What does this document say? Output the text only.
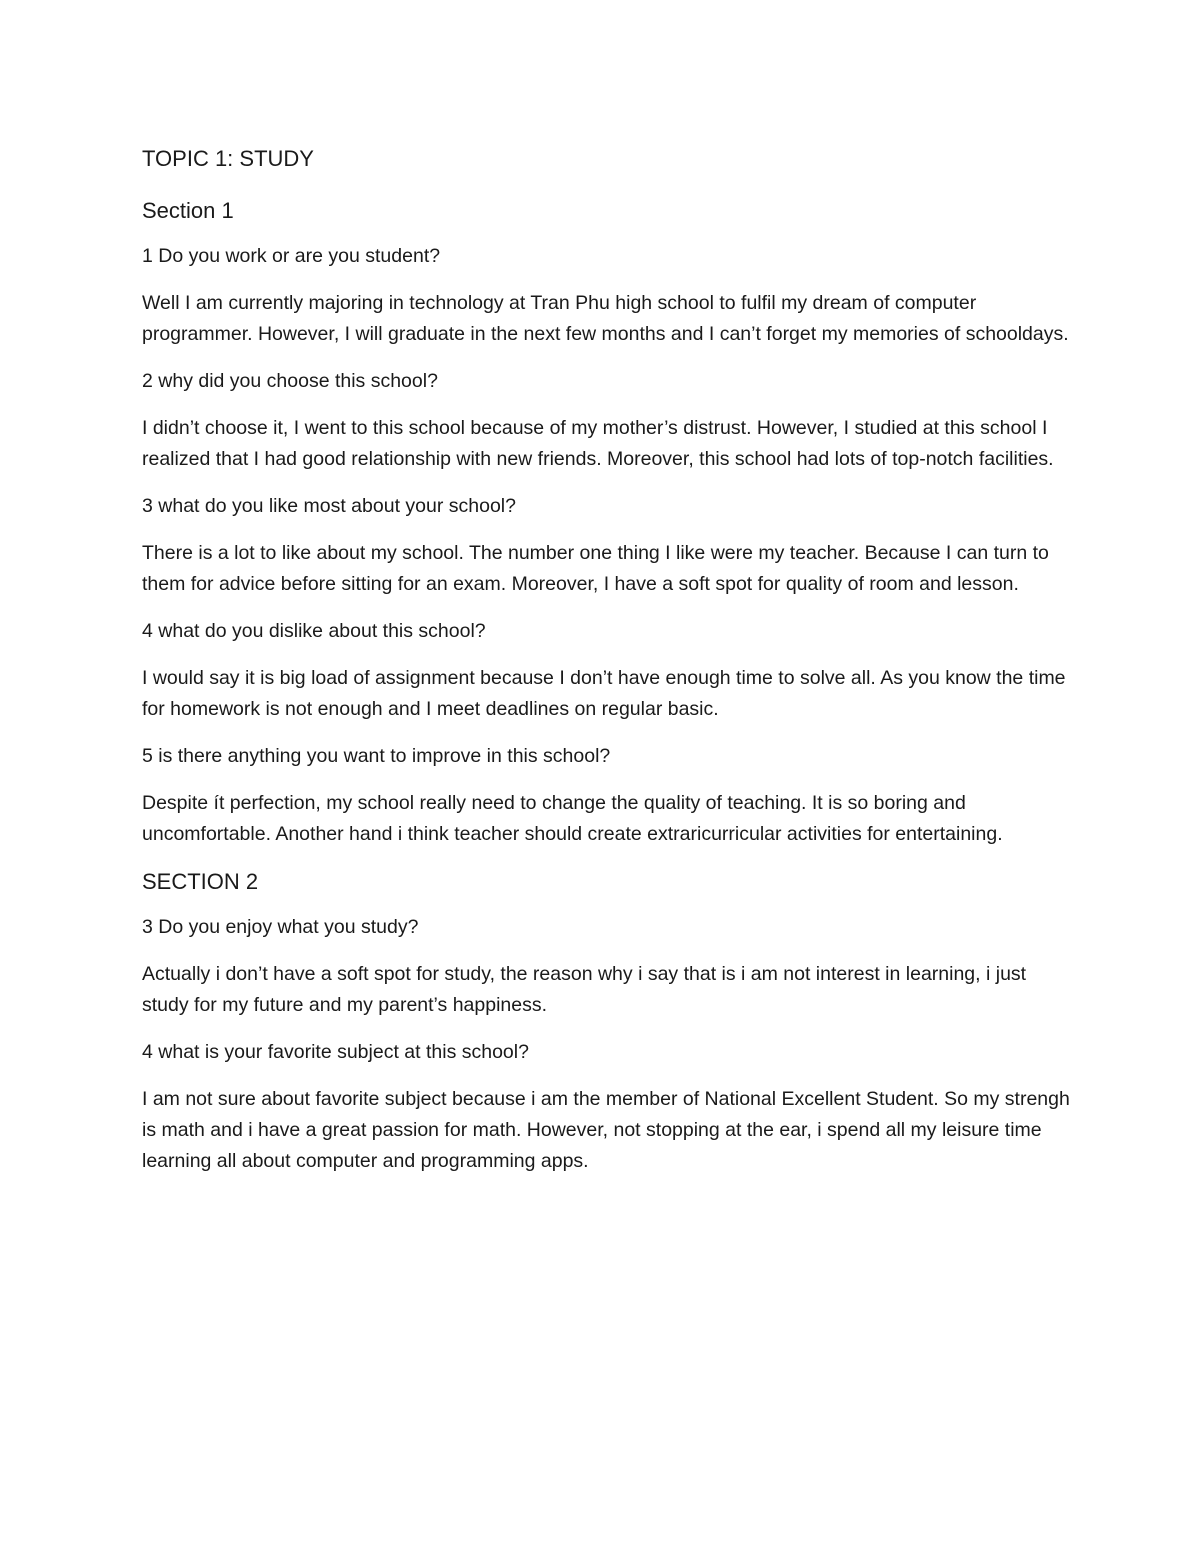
TOPIC 1: STUDY
Section 1
1 Do you work or are you student?
Well I am currently majoring in technology at Tran Phu high school to fulfil my dream of computer programmer. However, I will graduate in the next few months and I can’t forget my memories of schooldays.
2 why did you choose this school?
I didn’t choose it, I went to this school because of my mother’s distrust. However, I studied at this school I realized that I had good relationship with new friends. Moreover, this school had lots of top-notch facilities.
3 what do you like most about your school?
There is a lot to like about my school. The number one thing I like were my teacher. Because I can turn to them for advice before sitting for an exam. Moreover, I have a soft spot for quality of room and lesson.
4 what do you dislike about this school?
I would say it is big load of assignment because I don’t have enough time to solve all. As you know the time for homework is not enough and I meet deadlines on regular basic.
5 is there anything you want to improve in this school?
Despite ít perfection, my school really need to change the quality of teaching. It is so boring and uncomfortable. Another hand i think teacher should create extraricurricular activities for entertaining.
SECTION 2
3 Do you enjoy what you study?
Actually i don’t have a soft spot for study, the reason why i say that is i am not interest in learning, i just study for my future and my parent’s happiness.
4 what is your favorite subject at this school?
I am not sure about favorite subject because i am the member of National Excellent Student. So my strengh is math and i have a great passion for math. However, not stopping at the ear, i spend all my leisure time learning all about computer and programming apps.
